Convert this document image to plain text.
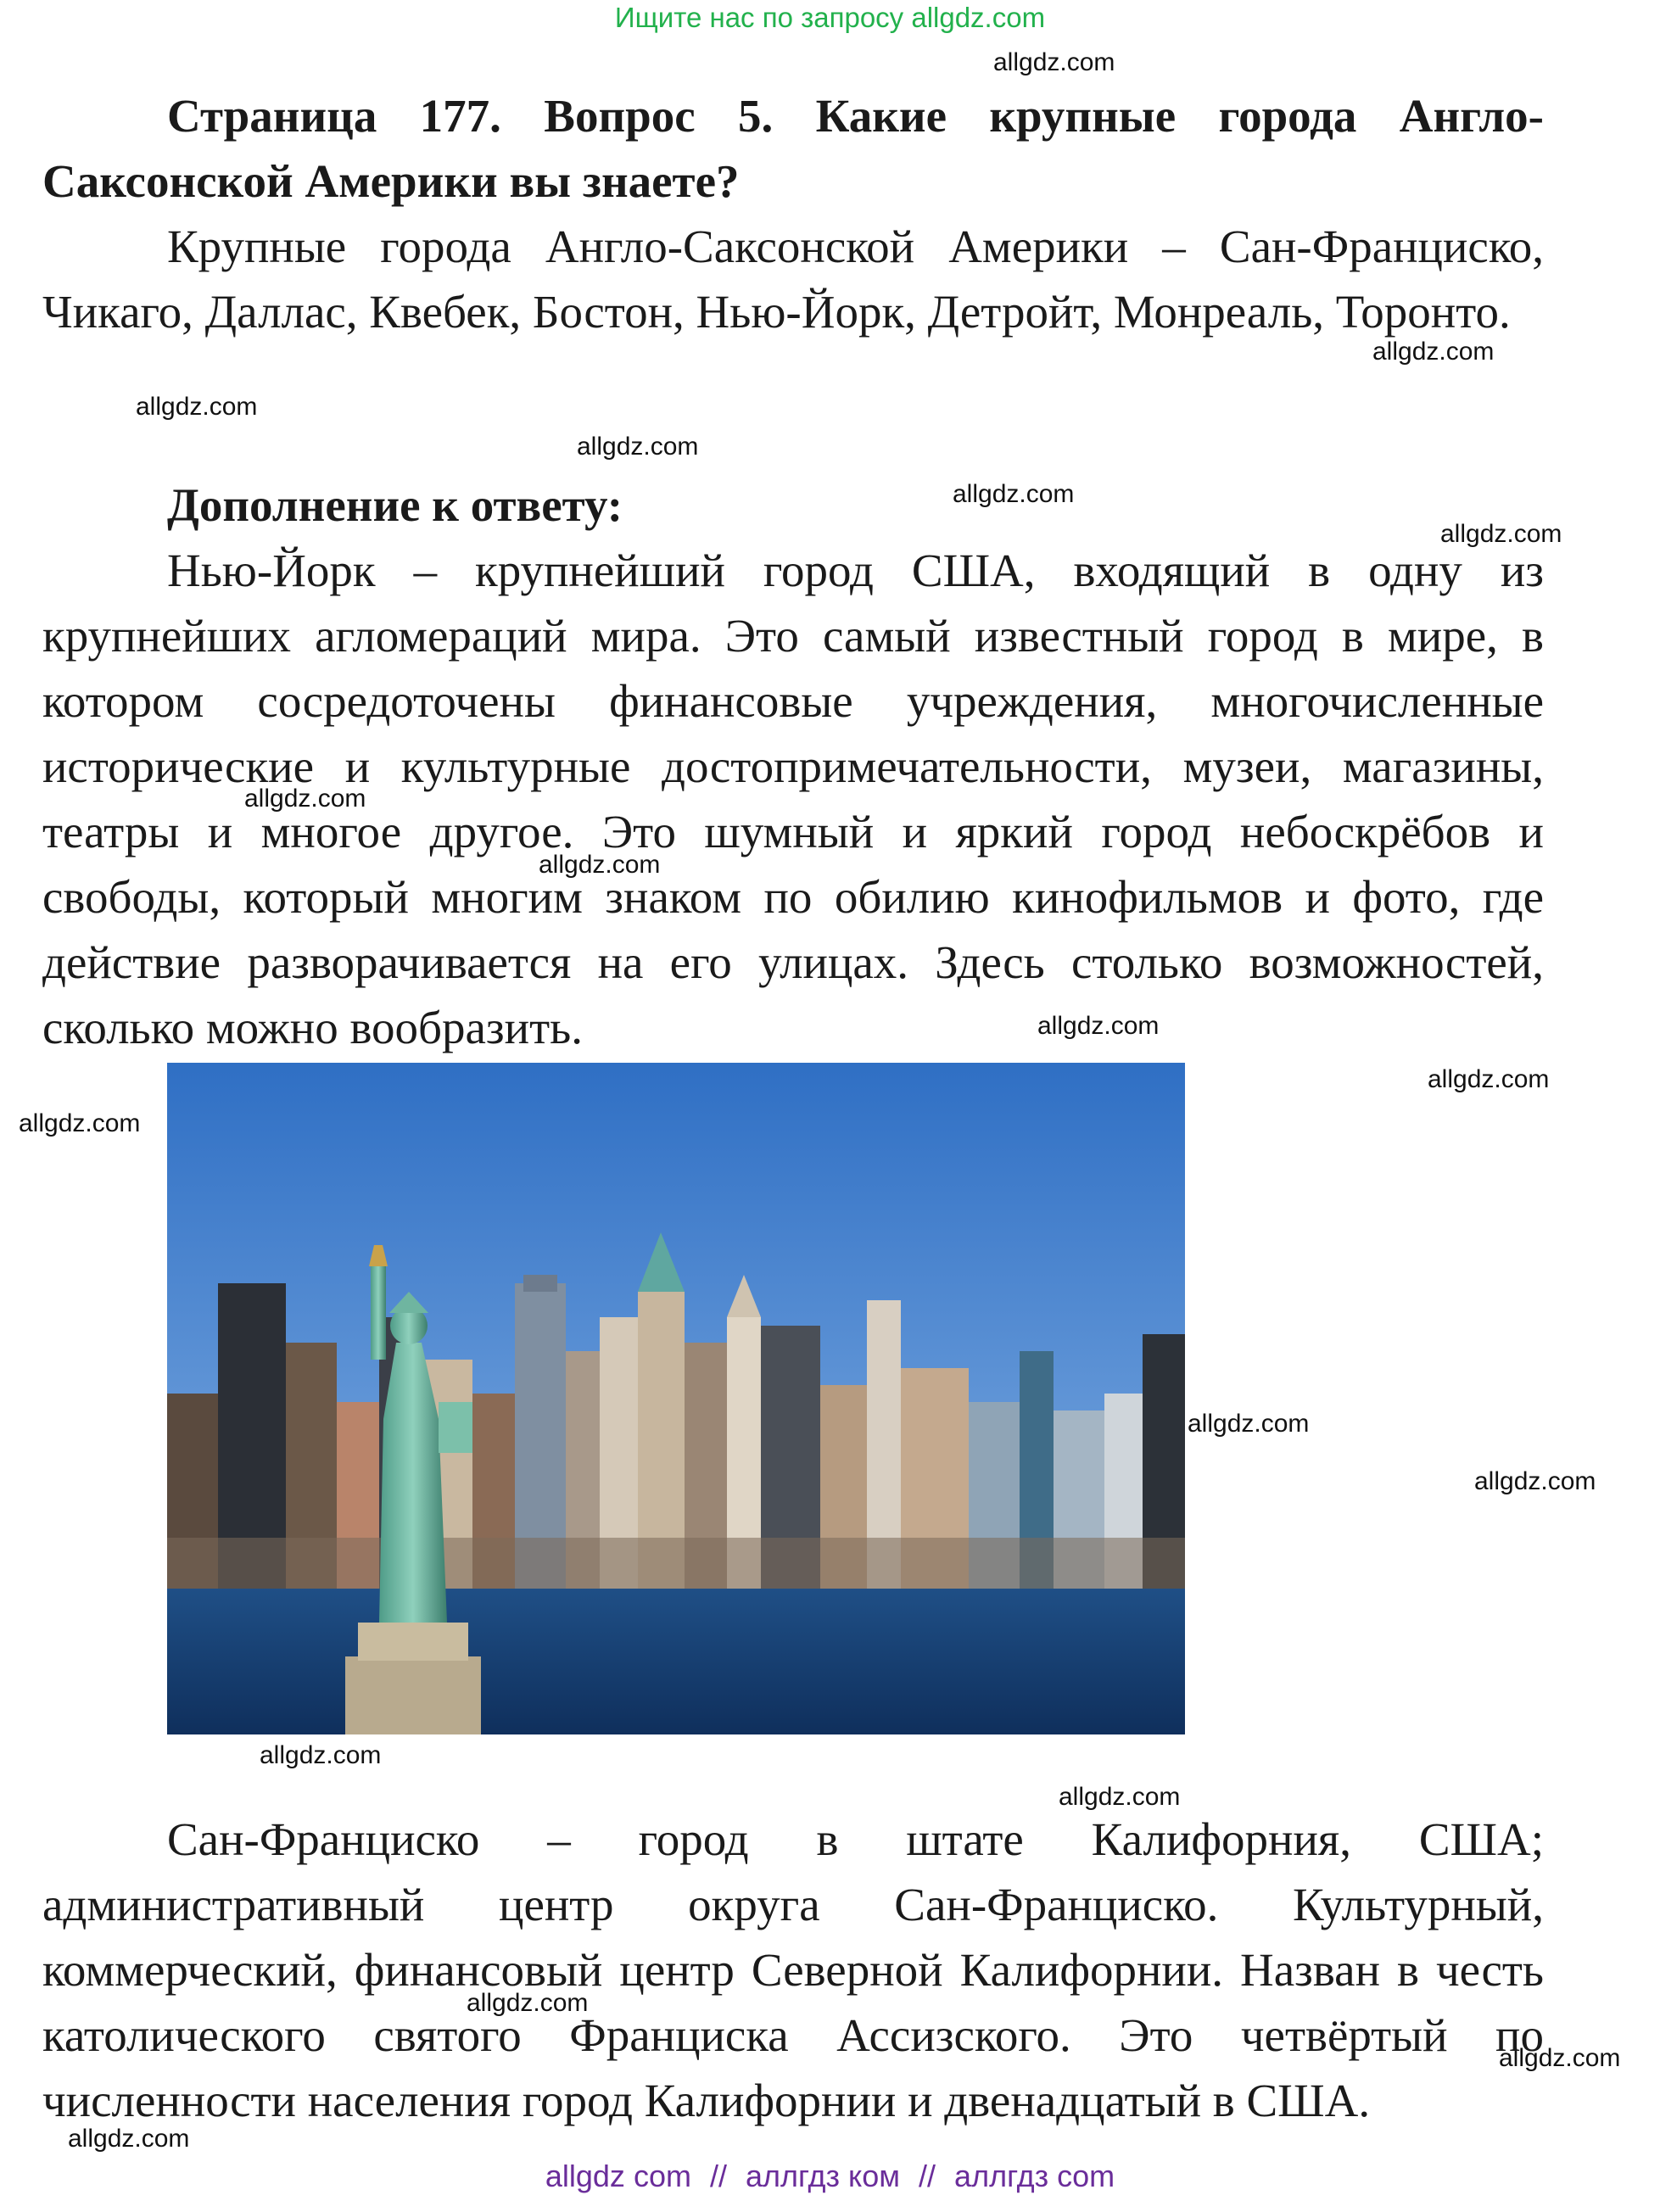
Ищите нас по запросу allgdz.com
allgdz.com
allgdz.com
allgdz.com
allgdz.com
allgdz.com
allgdz.com
allgdz.com
allgdz.com
allgdz.com
allgdz.com
allgdz.com
allgdz.com
allgdz.com
allgdz.com
allgdz.com
allgdz.com
allgdz.com
allgdz.com

Страница 177. Вопрос 5. Какие крупные города Англо-

Саксонской Америки вы знаете?

Крупные города Англо-Саксонской Америки – Сан-Франциско, Чикаго, Даллас, Квебек, Бостон, Нью-Йорк, Детройт, Монреаль, Торонто.

Дополнение к ответу:

Нью-Йорк – крупнейший город США, входящий в одну из крупнейших агломераций мира. Это самый известный город в мире, в котором сосредоточены финансовые учреждения, многочисленные исторические и культурные достопримечательности, музеи, магазины, театры и многое другое. Это шумный и яркий город небоскрёбов и свободы, который многим знаком по обилию кинофильмов и фото, где действие разворачивается на его улицах. Здесь столько возможностей, сколько можно вообразить.

Сан-Франциско – город в штате Калифорния, США; административный центр округа Сан-Франциско. Культурный, коммерческий, финансовый центр Северной Калифорнии. Назван в честь католического святого Франциска Ассизского. Это четвёртый по численности населения город Калифорнии и двенадцатый в США.

allgdz com // аллгдз ком // аллгдз com
